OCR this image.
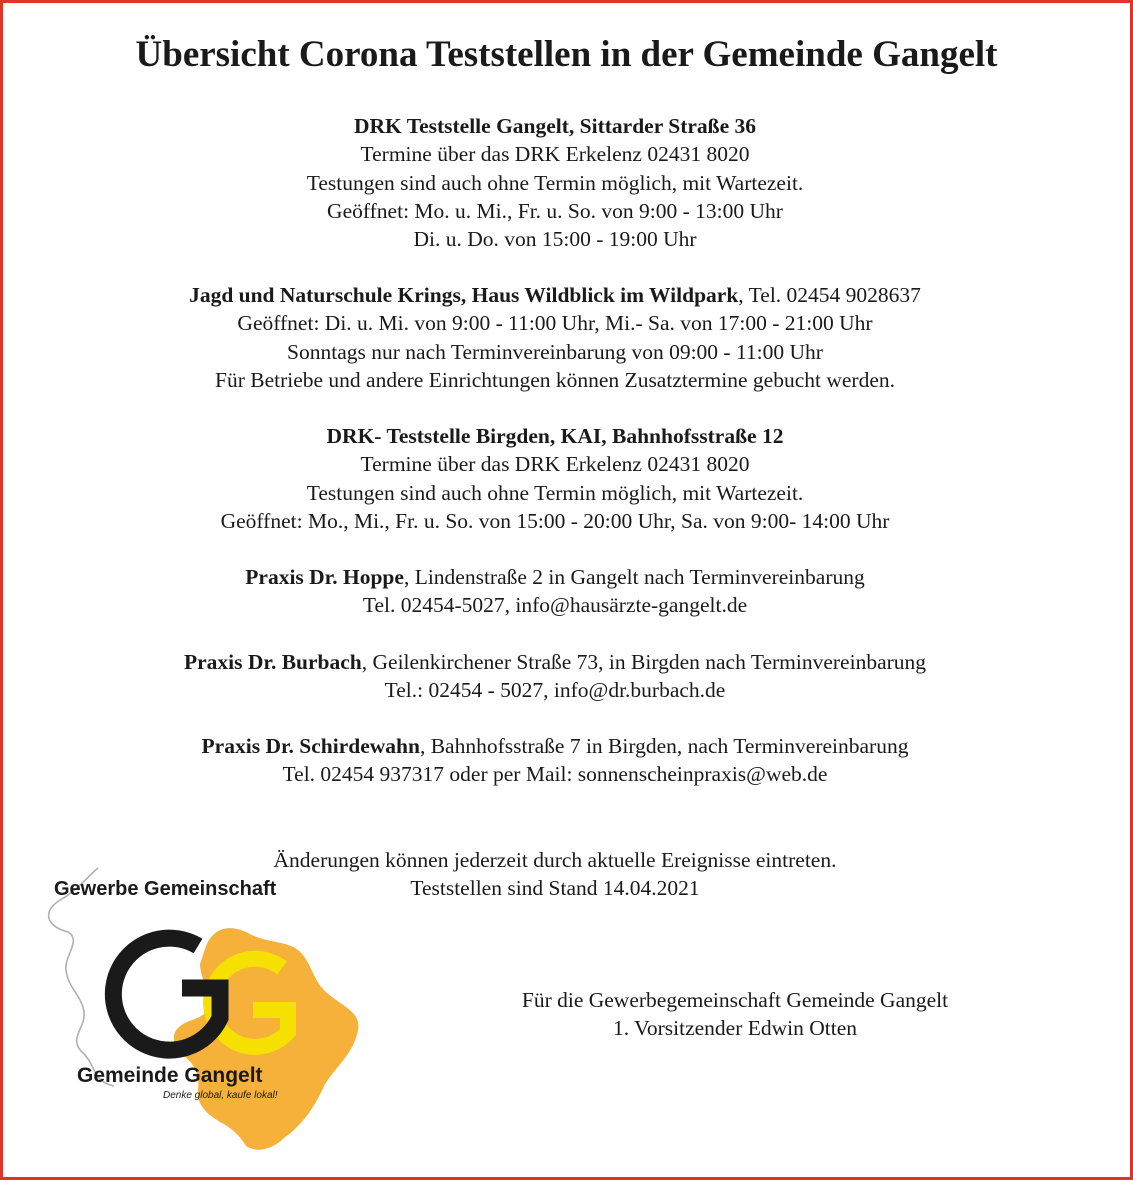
Übersicht Corona Teststellen in der Gemeinde Gangelt
DRK Teststelle Gangelt, Sittarder Straße 36
Termine über das DRK Erkelenz 02431 8020
Testungen sind auch ohne Termin möglich, mit Wartezeit.
Geöffnet: Mo. u. Mi., Fr. u. So. von 9:00 - 13:00 Uhr
Di. u. Do. von 15:00 - 19:00 Uhr
Jagd und Naturschule Krings, Haus Wildblick im Wildpark, Tel. 02454 9028637
Geöffnet: Di. u. Mi. von 9:00 - 11:00 Uhr, Mi.- Sa. von 17:00 - 21:00 Uhr
Sonntags nur nach Terminvereinbarung von 09:00 - 11:00 Uhr
Für Betriebe und andere Einrichtungen können Zusatztermine gebucht werden.
DRK- Teststelle Birgden, KAI, Bahnhofsstraße 12
Termine über das DRK Erkelenz 02431 8020
Testungen sind auch ohne Termin möglich, mit Wartezeit.
Geöffnet: Mo., Mi., Fr. u. So. von 15:00 - 20:00 Uhr, Sa. von 9:00- 14:00 Uhr
Praxis Dr. Hoppe, Lindenstraße 2 in Gangelt nach Terminvereinbarung
Tel. 02454-5027, info@hausärzte-gangelt.de
Praxis Dr. Burbach, Geilenkirchener Straße 73, in Birgden nach Terminvereinbarung
Tel.: 02454 - 5027, info@dr.burbach.de
Praxis Dr. Schirdewahn, Bahnhofsstraße 7 in Birgden, nach Terminvereinbarung
Tel. 02454 937317 oder per Mail: sonnenscheinpraxis@web.de
Gewerbe Gemeinschaft
Gemeinde Gangelt
Denke global, kaufe lokal!
Änderungen können jederzeit durch aktuelle Ereignisse eintreten.
Teststellen sind Stand 14.04.2021
Für die Gewerbegemeinschaft Gemeinde Gangelt
1. Vorsitzender Edwin Otten
